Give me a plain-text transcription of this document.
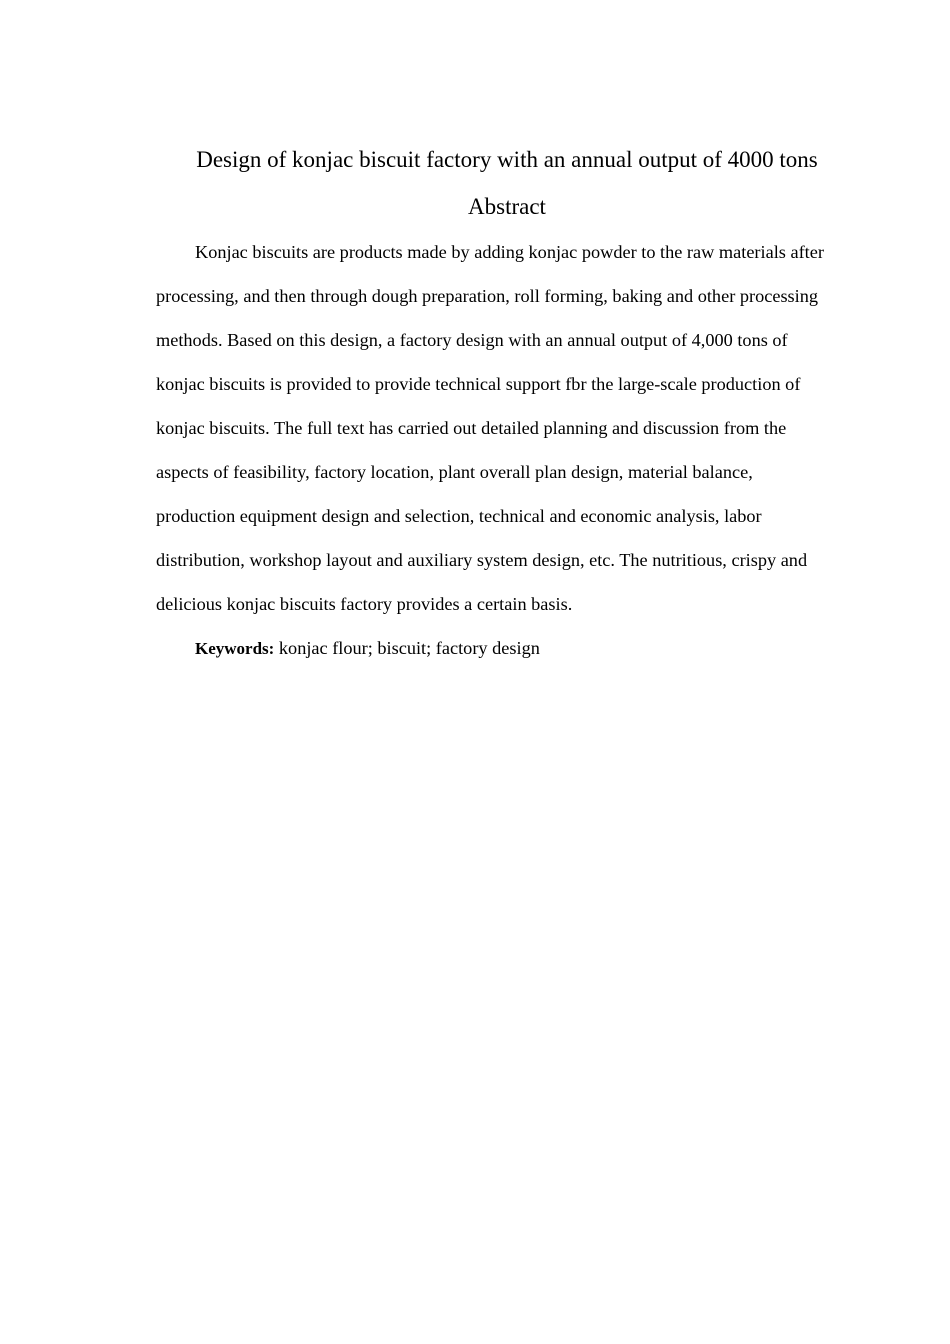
Design of konjac biscuit factory with an annual output of 4000 tons
Abstract
Konjac biscuits are products made by adding konjac powder to the raw materials after
processing, and then through dough preparation, roll forming, baking and other processing
methods. Based on this design, a factory design with an annual output of 4,000 tons of
konjac biscuits is provided to provide technical support fbr the large-scale production of
konjac biscuits. The full text has carried out detailed planning and discussion from the
aspects of feasibility, factory location, plant overall plan design, material balance,
production equipment design and selection, technical and economic analysis, labor
distribution, workshop layout and auxiliary system design, etc. The nutritious, crispy and
delicious konjac biscuits factory provides a certain basis.
Keywords: konjac flour; biscuit; factory design
